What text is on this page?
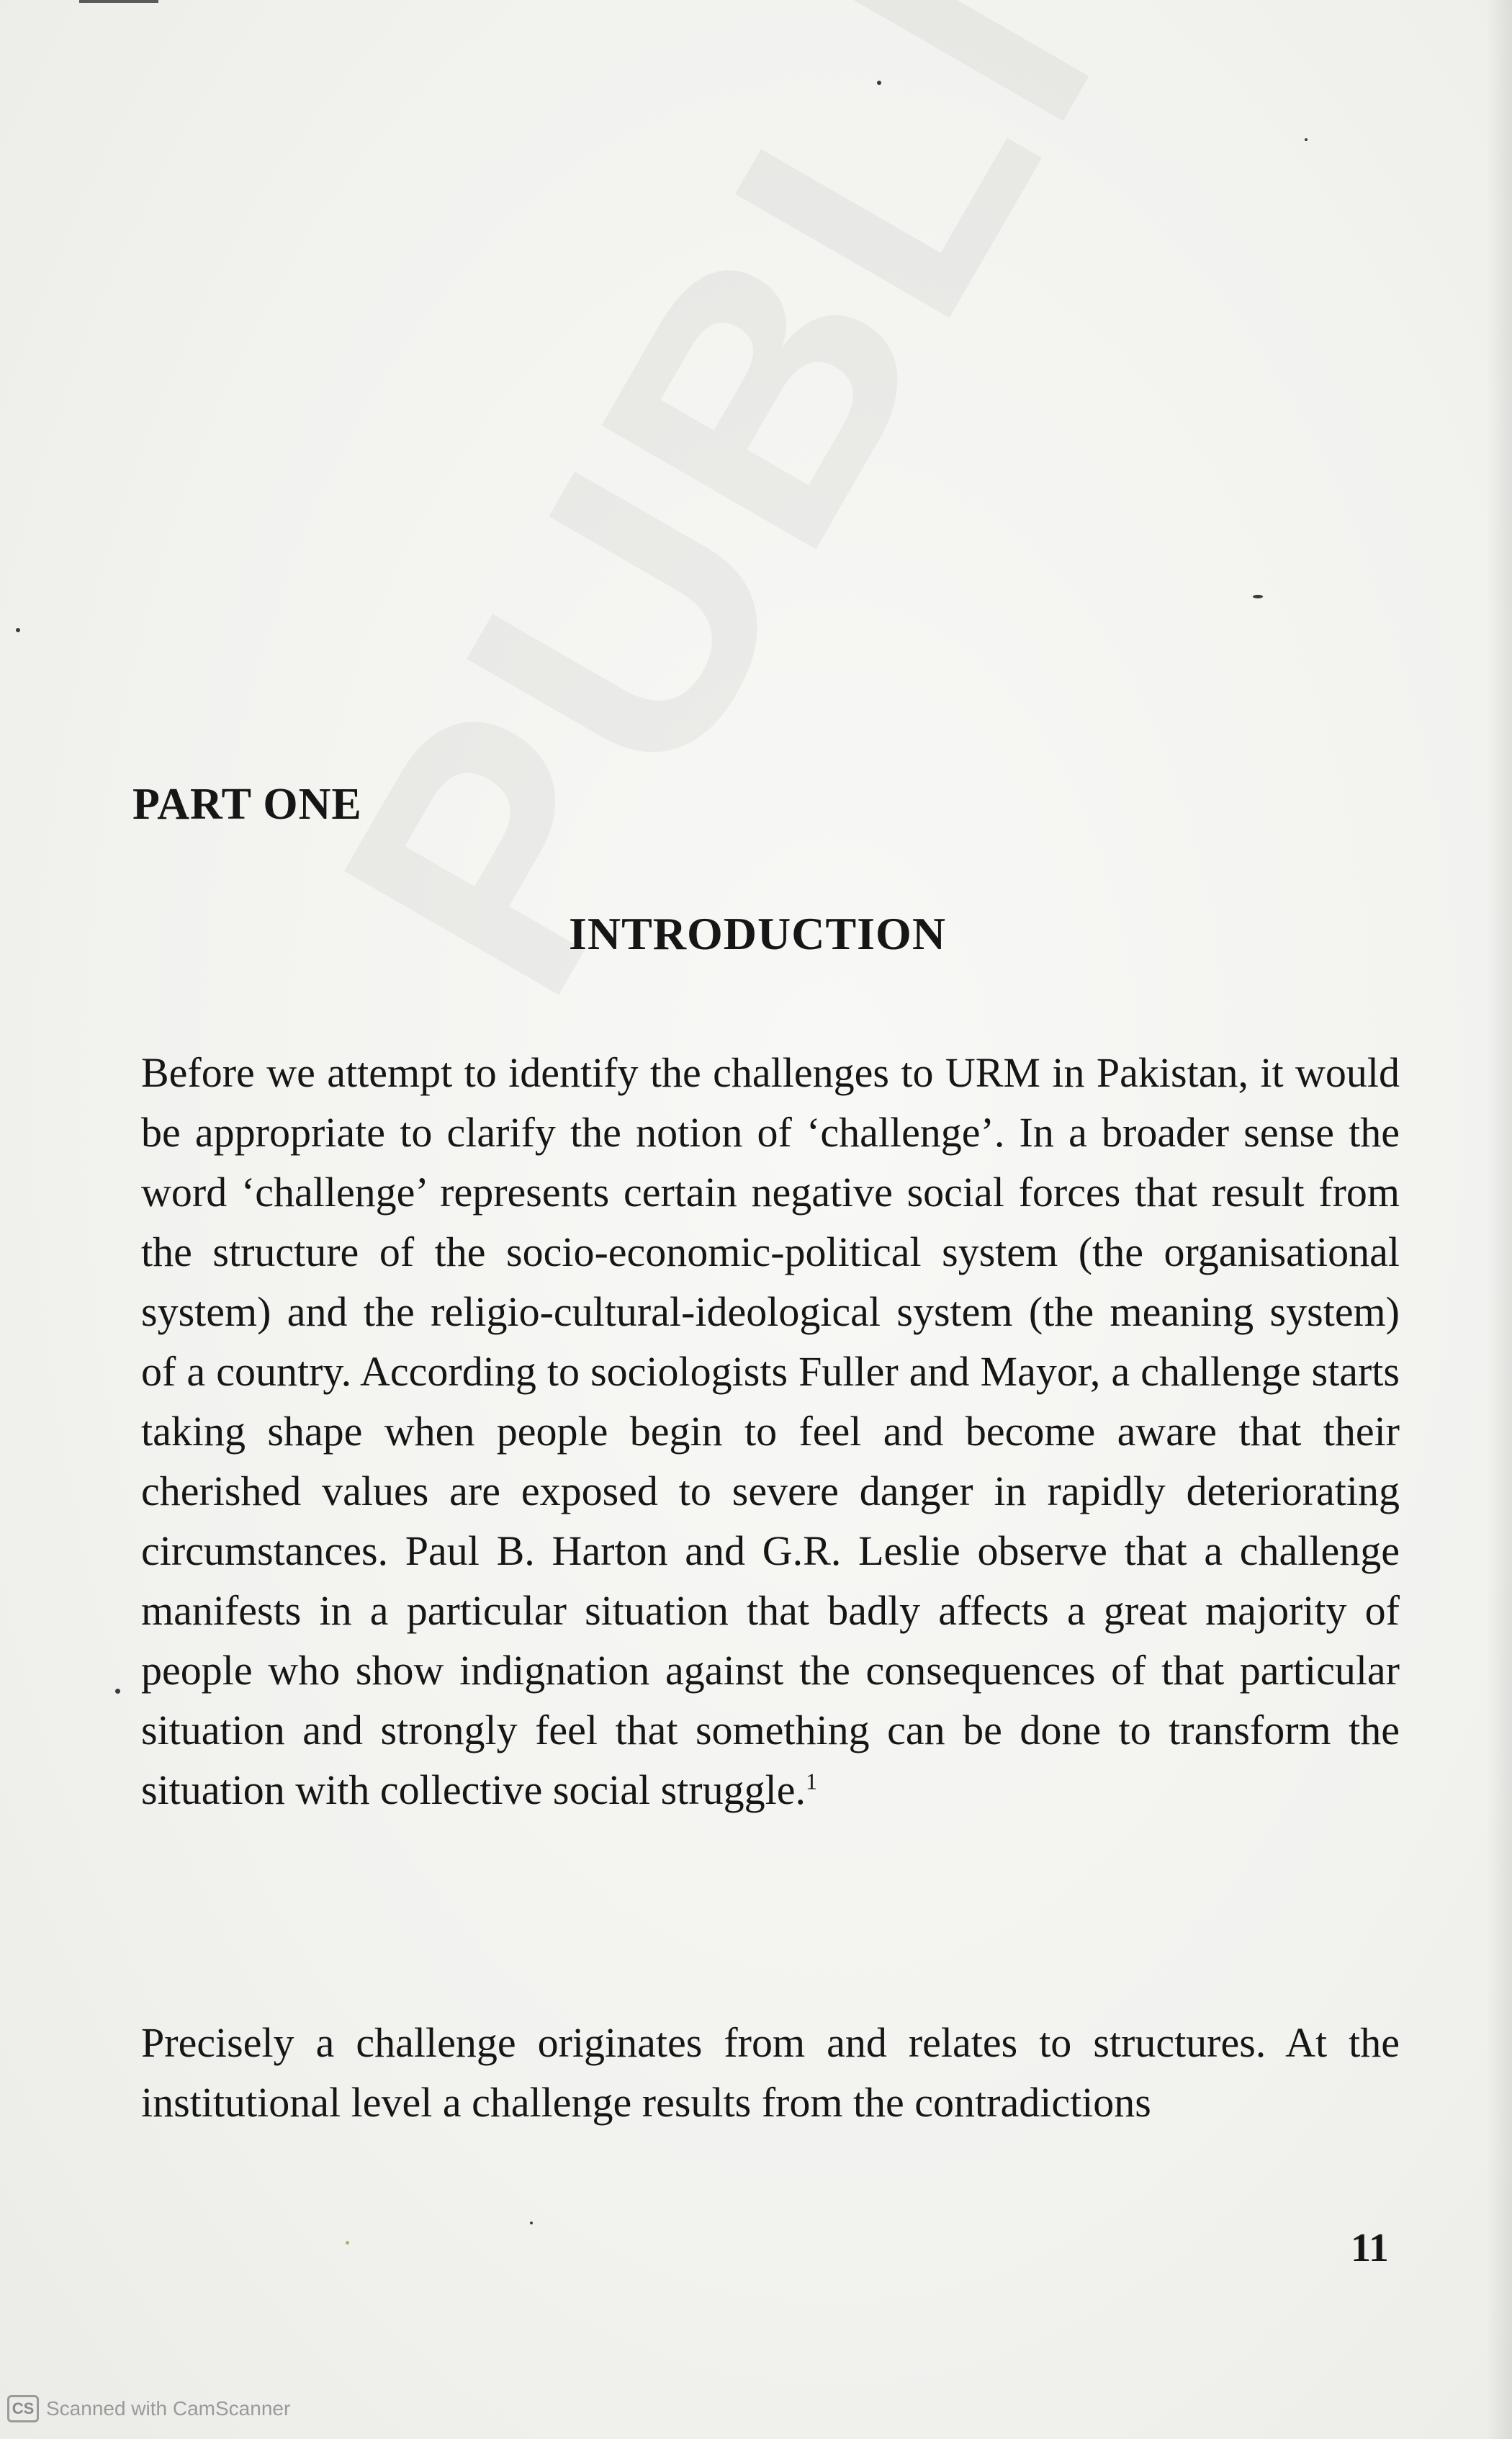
PART ONE
INTRODUCTION

Before we attempt to identify the challenges to URM in Pakistan, it would be appropriate to clarify the notion of ‘challenge’. In a broader sense the word ‘challenge’ represents certain negative social forces that result from the structure of the socio-economic-political system (the organisational system) and the religio-cultural-ideological system (the meaning system) of a country. According to sociologists Fuller and Mayor, a challenge starts taking shape when people begin to feel and become aware that their cherished values are exposed to severe danger in rapidly deteriorating circumstances. Paul B. Harton and G.R. Leslie observe that a challenge manifests in a particular situation that badly affects a great majority of people who show indignation against the consequences of that particular situation and strongly feel that something can be done to transform the situation with collective social struggle.$^1$

Precisely a challenge originates from and relates to structures. At the institutional level a challenge results from the contradictions

11
CS Scanned with CamScanner
